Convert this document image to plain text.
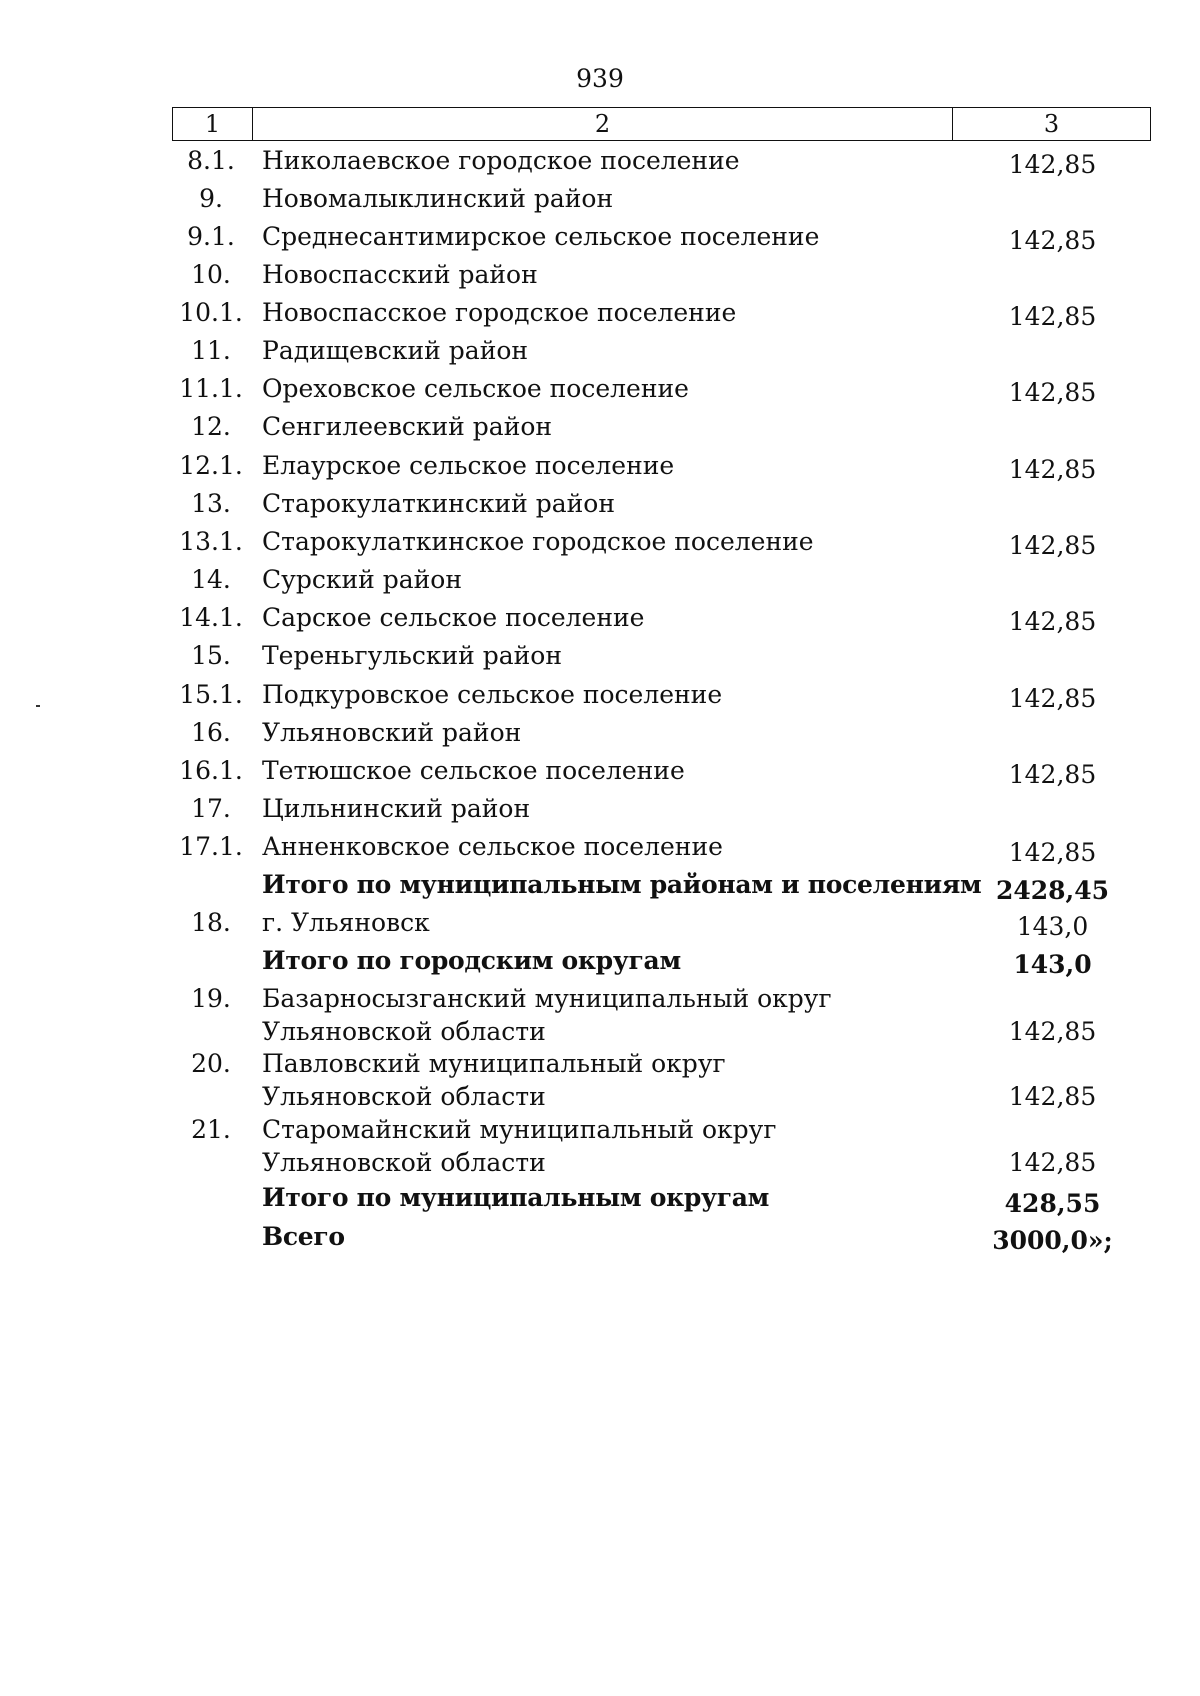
939
1	2	3
8.1.	Николаевское городское поселение	142,85
9.	Новомалыклинский район
9.1.	Среднесантимирское сельское поселение	142,85
10.	Новоспасский район
10.1. Новоспасское городское поселение	142,85
11.	Радищевский район
11.1. Ореховское сельское поселение	142,85
12.	Сенгилеевский район
12.1. Елаурское сельское поселение	142,85
13.	Старокулаткинский район
13.1. Старокулаткинское городское поселение	142,85
14.	Сурский район
14.1. Сарское сельское поселение	142,85
15.	Тереньгульский район
15.1. Подкуровское сельское поселение	142,85
16.	Ульяновский район
16.1. Тетюшское сельское поселение	142,85
17.	Цильнинский район
17.1. Анненковское сельское поселение	142,85
Итого по муниципальным районам и поселениям 2428,45
18.	г. Ульяновск	143,0
Итого по городским округам	143,0
19.	Базарносызганский муниципальный округ
Ульяновской области	142,85
20.	Павловский муниципальный округ
Ульяновской области	142,85
21.	Старомайнский муниципальный округ
Ульяновской области	142,85
Итого по муниципальным округам	428,55
Всего	3000,0»;
